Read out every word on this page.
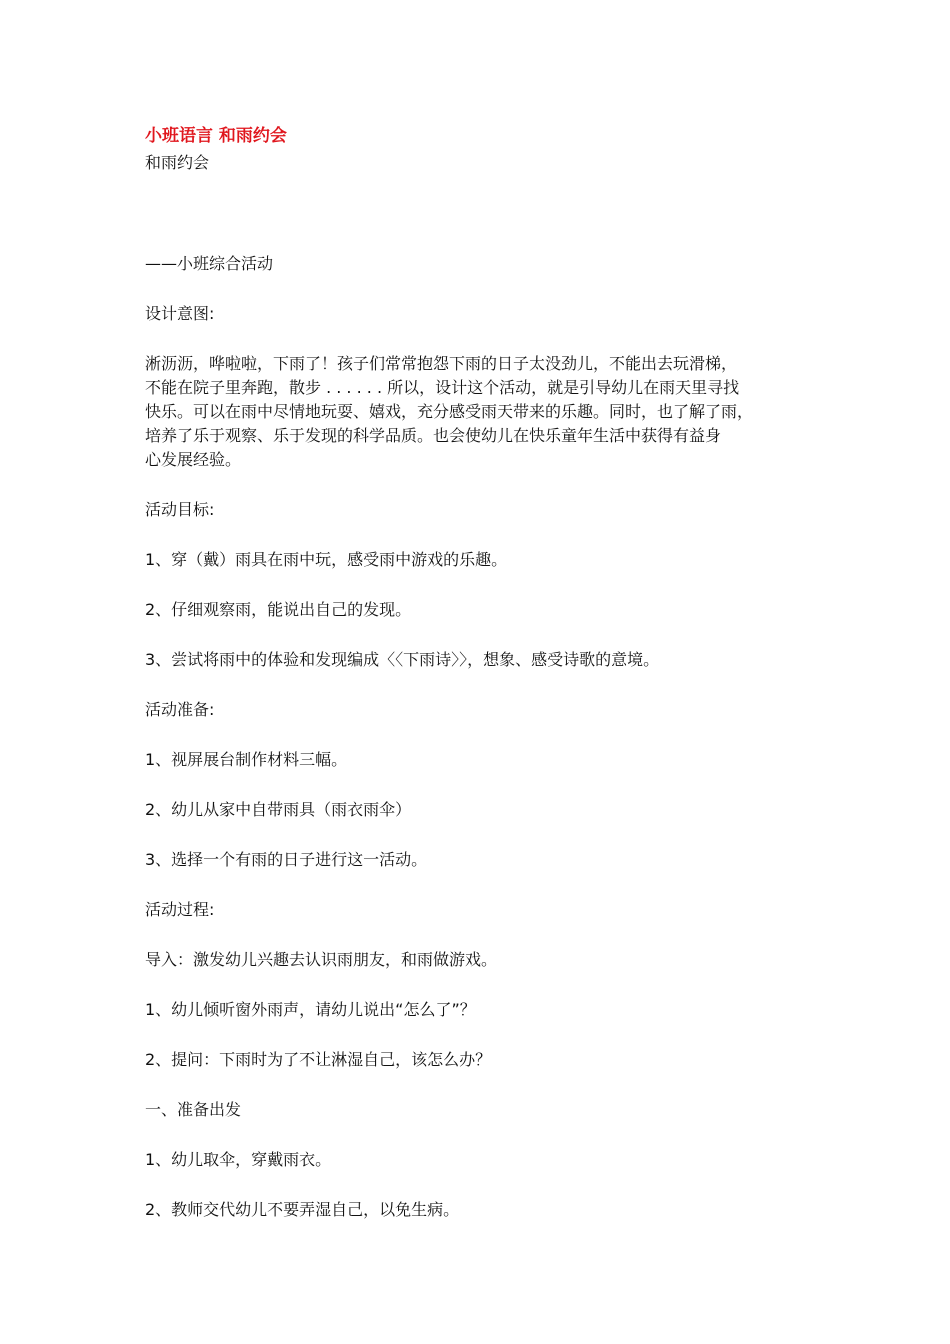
小班语言 和雨约会

和雨约会

——小班综合活动

设计意图:

淅沥沥，哗啦啦，下雨了！孩子们常常抱怨下雨的日子太没劲儿，不能出去玩滑梯，

不能在院子里奔跑，散步 . . . . . . 所以，设计这个活动，就是引导幼儿在雨天里寻找

快乐。可以在雨中尽情地玩耍、嬉戏，充分感受雨天带来的乐趣。同时，也了解了雨，

培养了乐于观察、乐于发现的科学品质。也会使幼儿在快乐童年生活中获得有益身

心发展经验。

活动目标:

1、穿（戴）雨具在雨中玩，感受雨中游戏的乐趣。

2、仔细观察雨，能说出自己的发现。

3、尝试将雨中的体验和发现编成〈〈下雨诗〉〉，想象、感受诗歌的意境。

活动准备:

1、视屏展台制作材料三幅。

2、幼儿从家中自带雨具（雨衣雨伞）

3、选择一个有雨的日子进行这一活动。

活动过程:

导入：激发幼儿兴趣去认识雨朋友，和雨做游戏。

1、幼儿倾听窗外雨声，请幼儿说出“怎么了”？

2、提问：下雨时为了不让淋湿自己，该怎么办？

一、准备出发

1、幼儿取伞，穿戴雨衣。

2、教师交代幼儿不要弄湿自己，以免生病。
